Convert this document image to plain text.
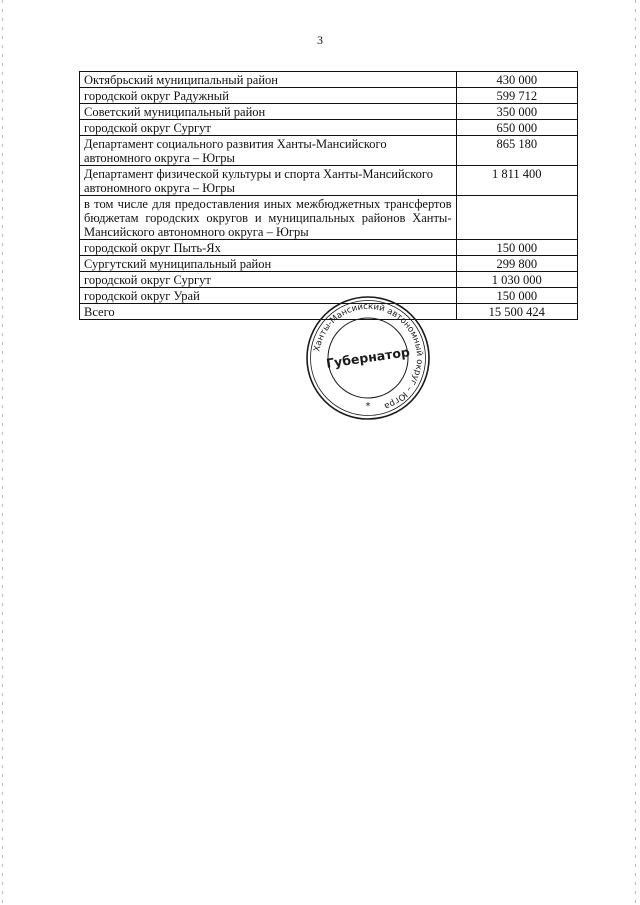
3
Октябрьский муниципальный район	430 000
городской округ Радужный	599 712
Советский муниципальный район	350 000
городской округ Сургут	650 000
Департамент социального развития Ханты-Мансийского автономного округа – Югры	865 180
Департамент физической культуры и спорта Ханты-Мансийского автономного округа – Югры	1 811 400
в том числе для предоставления иных межбюджетных трансфертов бюджетам городских округов и муниципальных районов Ханты-Мансийского автономного округа – Югры	
городской округ Пыть-Ях	150 000
Сургутский муниципальный район	299 800
городской округ Сургут	1 030 000
городской округ Урай	150 000
Всего	15 500 424
Ханты-Мансийский автономный округ – Югра
Губернатор
*
